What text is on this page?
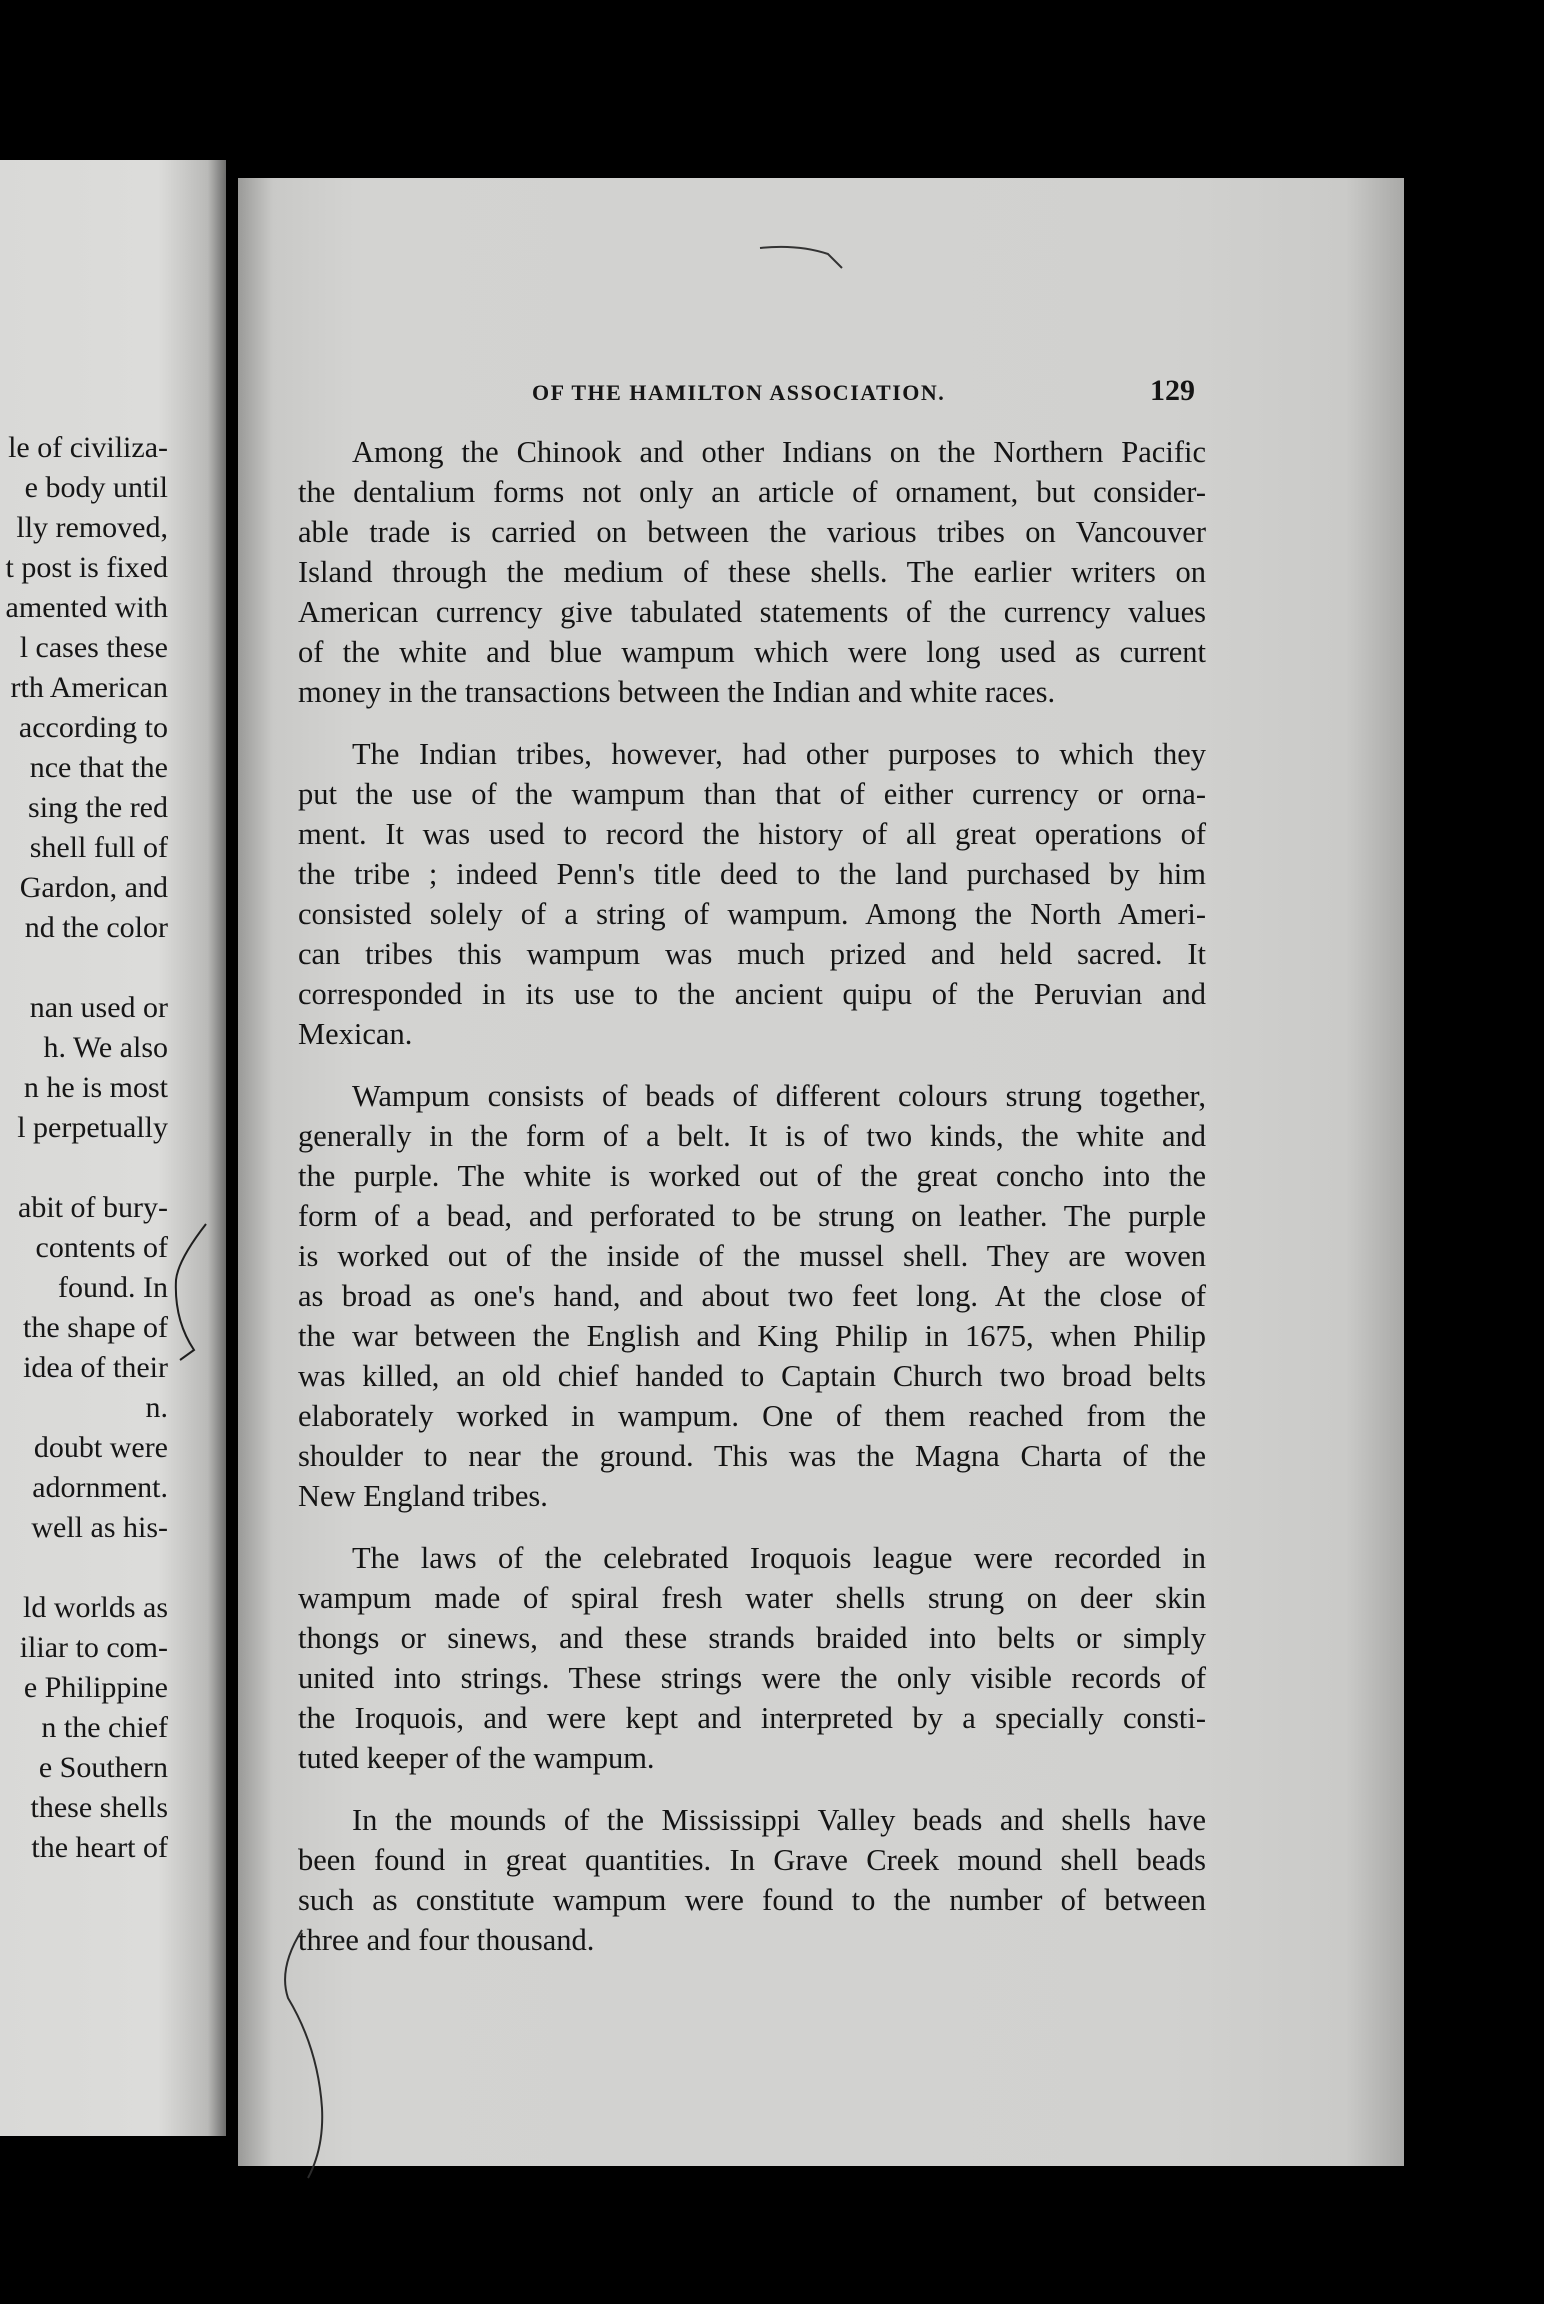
le of civiliza-
e body until
lly removed,
t post is fixed
amented with
l cases these
rth American
according to
nce that the
sing the red
shell full of
Gardon, and
nd the color
nan used or
h. We also
n he is most
l perpetually
abit of bury-
contents of
found. In
the shape of
idea of their
n.
doubt were
adornment.
well as his-
ld worlds as
iliar to com-
e Philippine
n the chief
e Southern
these shells
the heart of
OF THE HAMILTON ASSOCIATION.	129
Among the Chinook and other Indians on the Northern Pacific
the dentalium forms not only an article of ornament, but consider-
able trade is carried on between the various tribes on Vancouver
Island through the medium of these shells. The earlier writers on
American currency give tabulated statements of the currency values
of the white and blue wampum which were long used as current
money in the transactions between the Indian and white races.
The Indian tribes, however, had other purposes to which they
put the use of the wampum than that of either currency or orna-
ment. It was used to record the history of all great operations of
the tribe ; indeed Penn's title deed to the land purchased by him
consisted solely of a string of wampum. Among the North Ameri-
can tribes this wampum was much prized and held sacred. It
corresponded in its use to the ancient quipu of the Peruvian and
Mexican.
Wampum consists of beads of different colours strung together,
generally in the form of a belt. It is of two kinds, the white and
the purple. The white is worked out of the great concho into the
form of a bead, and perforated to be strung on leather. The purple
is worked out of the inside of the mussel shell. They are woven
as broad as one's hand, and about two feet long. At the close of
the war between the English and King Philip in 1675, when Philip
was killed, an old chief handed to Captain Church two broad belts
elaborately worked in wampum. One of them reached from the
shoulder to near the ground. This was the Magna Charta of the
New England tribes.
The laws of the celebrated Iroquois league were recorded in
wampum made of spiral fresh water shells strung on deer skin
thongs or sinews, and these strands braided into belts or simply
united into strings. These strings were the only visible records of
the Iroquois, and were kept and interpreted by a specially consti-
tuted keeper of the wampum.
In the mounds of the Mississippi Valley beads and shells have
been found in great quantities. In Grave Creek mound shell beads
such as constitute wampum were found to the number of between
three and four thousand.
